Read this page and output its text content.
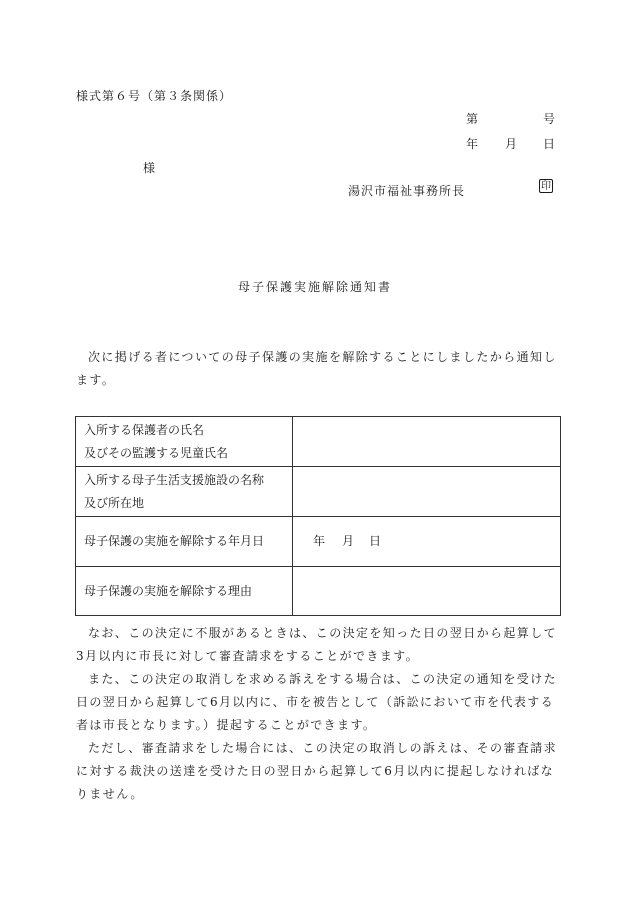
様式第６号（第３条関係）
第	号
年 月 日
様
湯沢市福祉事務所長	印
母子保護実施解除通知書

次に掲げる者についての母子保護の実施を解除することにしましたから通知します。

入所する保護者の氏名
及びその監護する児童氏名	

入所する母子生活支援施設の名称
及び所在地	

母子保護の実施を解除する年月日	年 月 日
母子保護の実施を解除する理由	

なお、この決定に不服があるときは、この決定を知った日の翌日から起算して3月以内に市長に対して審査請求をすることができます。

また、この決定の取消しを求める訴えをする場合は、この決定の通知を受けた日の翌日から起算して6月以内に、市を被告として（訴訟において市を代表する者は市長となります。）提起することができます。

ただし、審査請求をした場合には、この決定の取消しの訴えは、その審査請求に対する裁決の送達を受けた日の翌日から起算して6月以内に提起しなければなりません。
